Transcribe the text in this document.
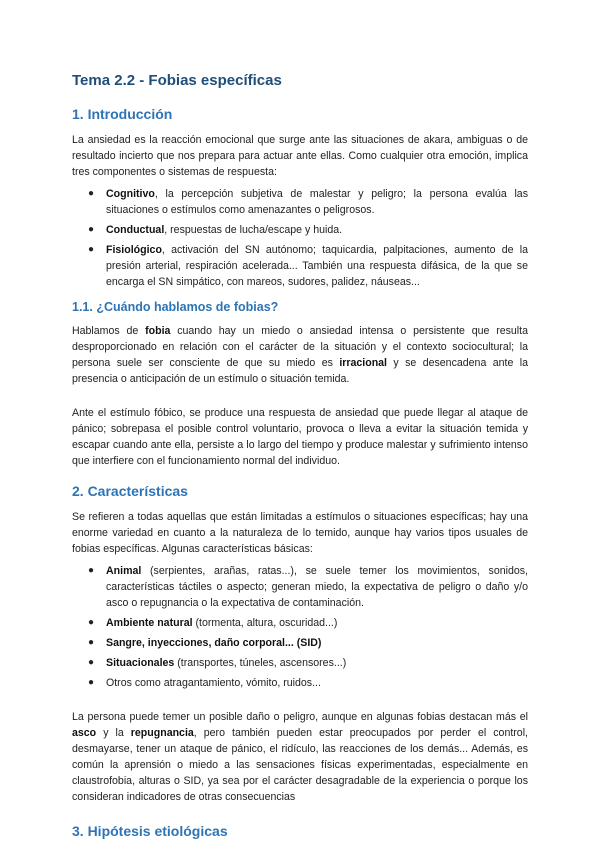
Tema 2.2 - Fobias específicas
1. Introducción

La ansiedad es la reacción emocional que surge ante las situaciones de akara, ambiguas o de resultado incierto que nos prepara para actuar ante ellas. Como cualquier otra emoción, implica tres componentes o sistemas de respuesta:

● Cognitivo, la percepción subjetiva de malestar y peligro; la persona evalúa las situaciones o estímulos como amenazantes o peligrosos.
● Conductual, respuestas de lucha/escape y huida.
● Fisiológico, activación del SN autónomo; taquicardia, palpitaciones, aumento de la presión arterial, respiración acelerada... También una respuesta difásica, de la que se encarga el SN simpático, con mareos, sudores, palidez, náuseas...
1.1. ¿Cuándo hablamos de fobias?

Hablamos de fobia cuando hay un miedo o ansiedad intensa o persistente que resulta desproporcionado en relación con el carácter de la situación y el contexto sociocultural; la persona suele ser consciente de que su miedo es irracional y se desencadena ante la presencia o anticipación de un estímulo o situación temida.

Ante el estímulo fóbico, se produce una respuesta de ansiedad que puede llegar al ataque de pánico; sobrepasa el posible control voluntario, provoca o lleva a evitar la situación temida y escapar cuando ante ella, persiste a lo largo del tiempo y produce malestar y sufrimiento intenso que interfiere con el funcionamiento normal del individuo.

2. Características

Se refieren a todas aquellas que están limitadas a estímulos o situaciones específicas; hay una enorme variedad en cuanto a la naturaleza de lo temido, aunque hay varios tipos usuales de fobias específicas. Algunas características básicas:

● Animal (serpientes, arañas, ratas...), se suele temer los movimientos, sonidos, características táctiles o aspecto; generan miedo, la expectativa de peligro o daño y/o asco o repugnancia o la expectativa de contaminación.
● Ambiente natural (tormenta, altura, oscuridad...)
● Sangre, inyecciones, daño corporal... (SID)
● Situacionales (transportes, túneles, ascensores...)
● Otros como atragantamiento, vómito, ruidos...

La persona puede temer un posible daño o peligro, aunque en algunas fobias destacan más el asco y la repugnancia, pero también pueden estar preocupados por perder el control, desmayarse, tener un ataque de pánico, el ridículo, las reacciones de los demás... Además, es común la aprensión o miedo a las sensaciones físicas experimentadas, especialmente en claustrofobia, alturas o SID, ya sea por el carácter desagradable de la experiencia o porque los consideran indicadores de otras consecuencias

3. Hipótesis etiológicas
